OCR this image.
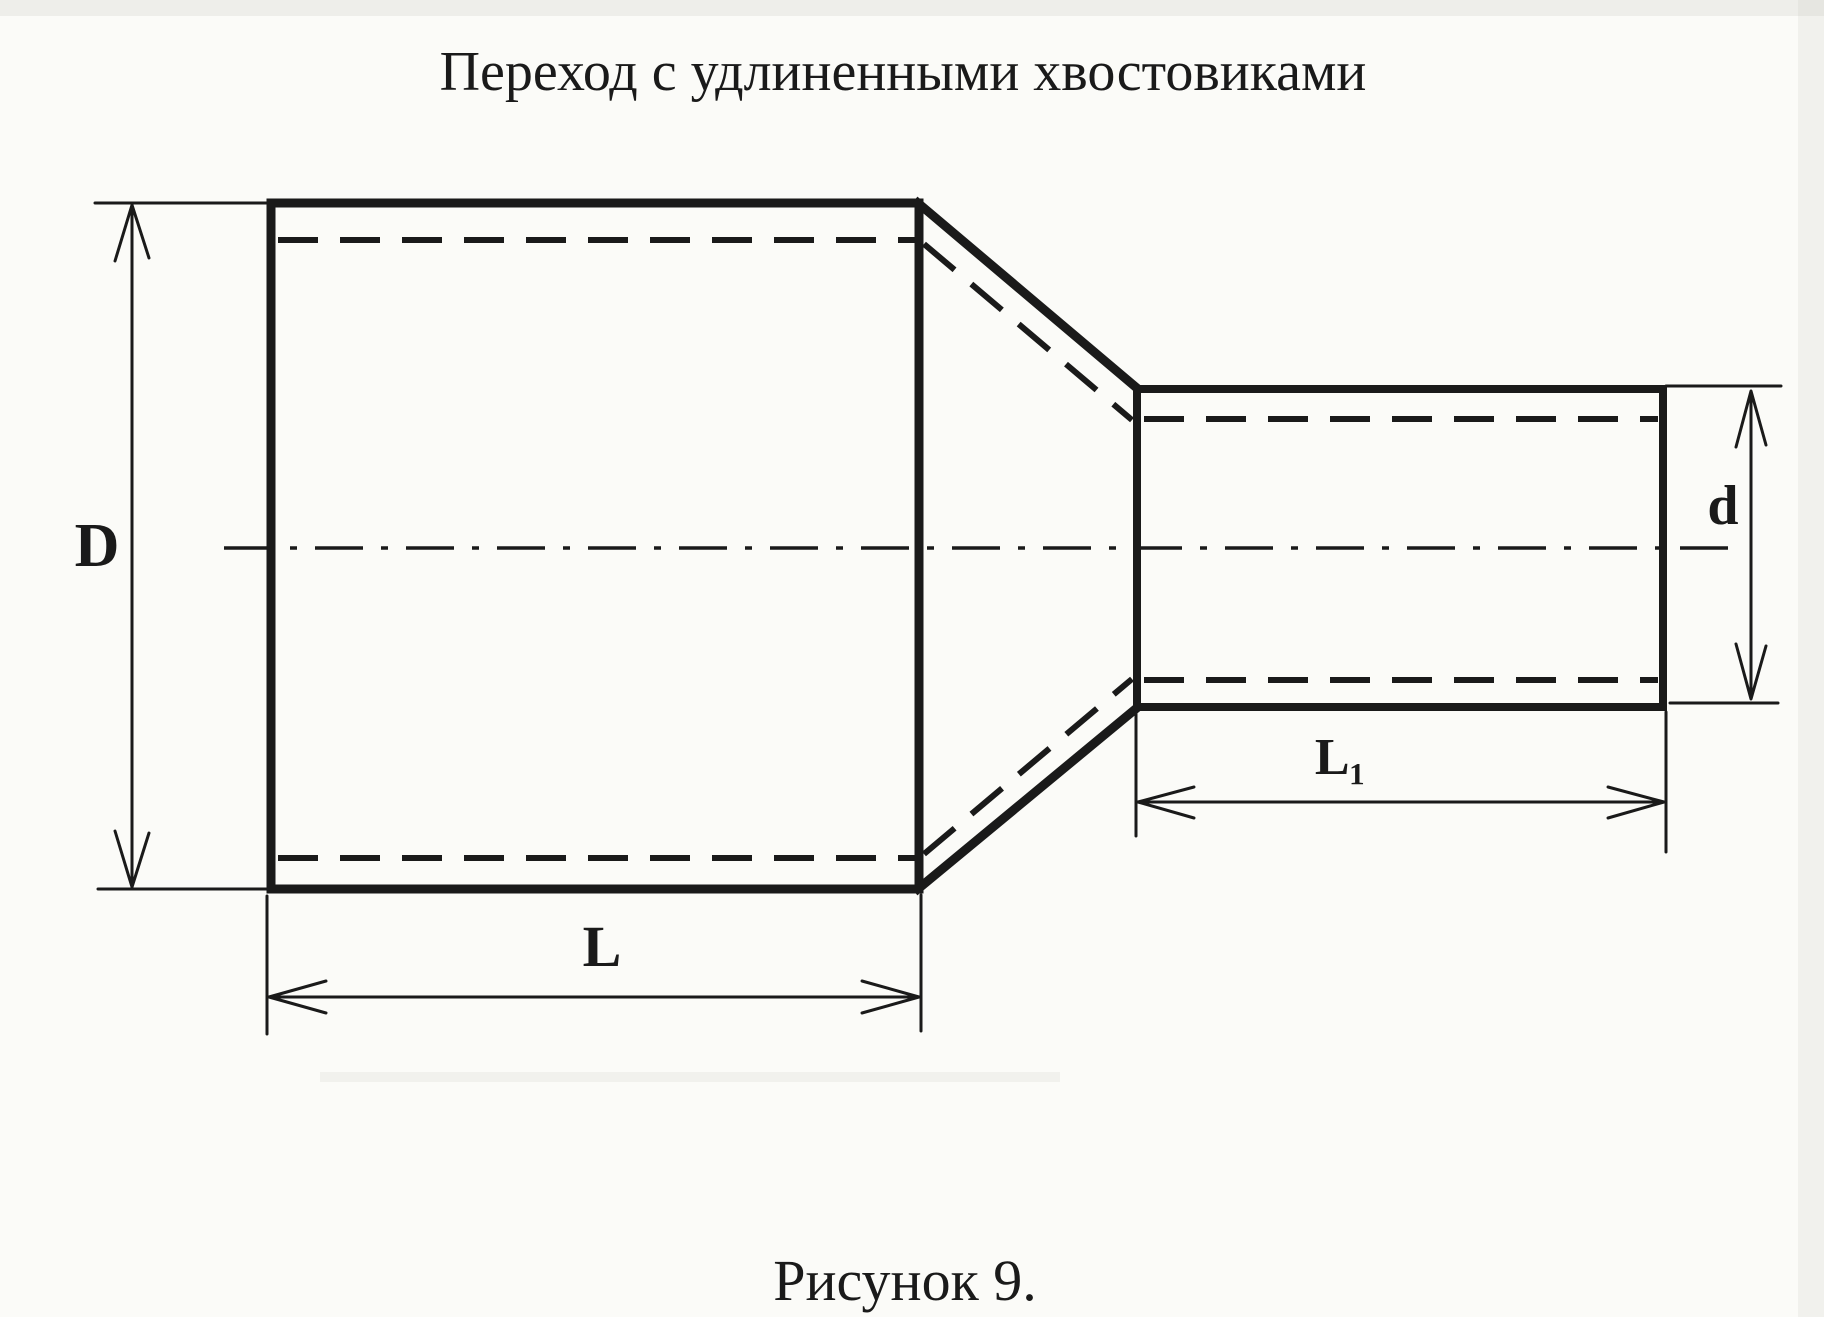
Переход с удлиненными хвостовиками
D
d
L
L₁
Рисунок 9.
